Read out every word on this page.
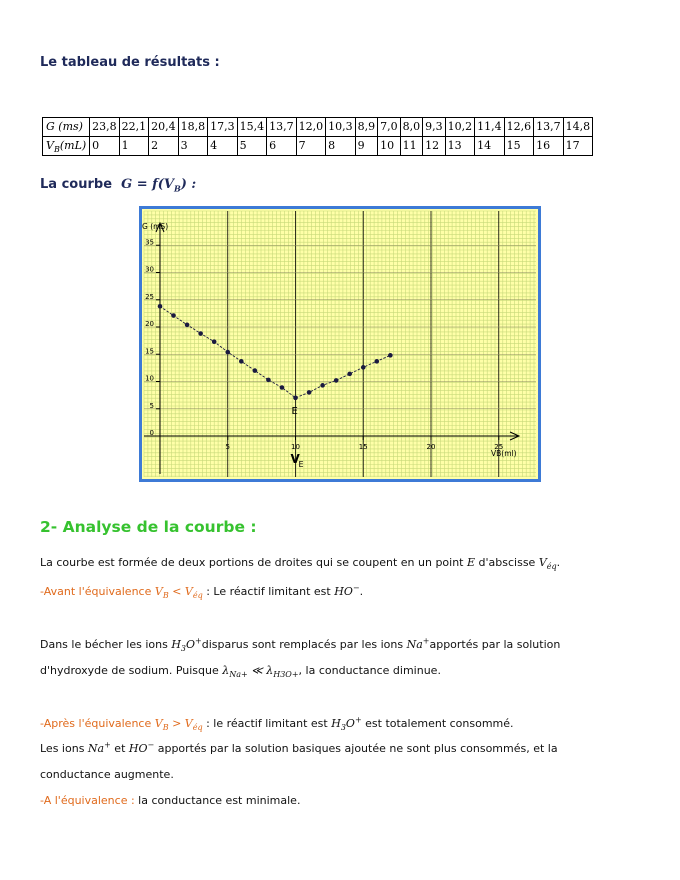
Le tableau de résultats :
G (ms)	23,8	22,1	20,4	18,8	17,3	15,4	13,7	12,0	10,3	8,9	7,0	8,0	9,3	10,2	11,4	12,6	13,7	14,8
$V_B(mL)$	0	1	2	3	4	5	6	7	8	9	10	11	12	13	14	15	16	17
La courbe $G = f(V_B)$ :
0
5
10
15
20
25
30
35
5	10	15	20	25
G (mS)
VB(ml)
E
V
E
2- Analyse de la courbe :
La courbe est formée de deux portions de droites qui se coupent en un point E d'abscisse $V_{éq}$.
-Avant l'équivalence $V_B < V_{éq}$ : Le réactif limitant est HO−.
Dans le bécher les ions $H_3O^+disparus$ sont remplacés par les ions Na+apportés par la solution
d'hydroxyde de sodium. Puisque $\lambda_{Na+}$ ≪ $\lambda_{H3O+}$, la conductance diminue.
-Après l'équivalence $V_B > V_{éq}$ : le réactif limitant est $H_3O^+$ est totalement consommé.
Les ions Na+ et HO− apportés par la solution basiques ajoutée ne sont plus consommés, et la
conductance augmente.
-A l'équivalence : la conductance est minimale.
